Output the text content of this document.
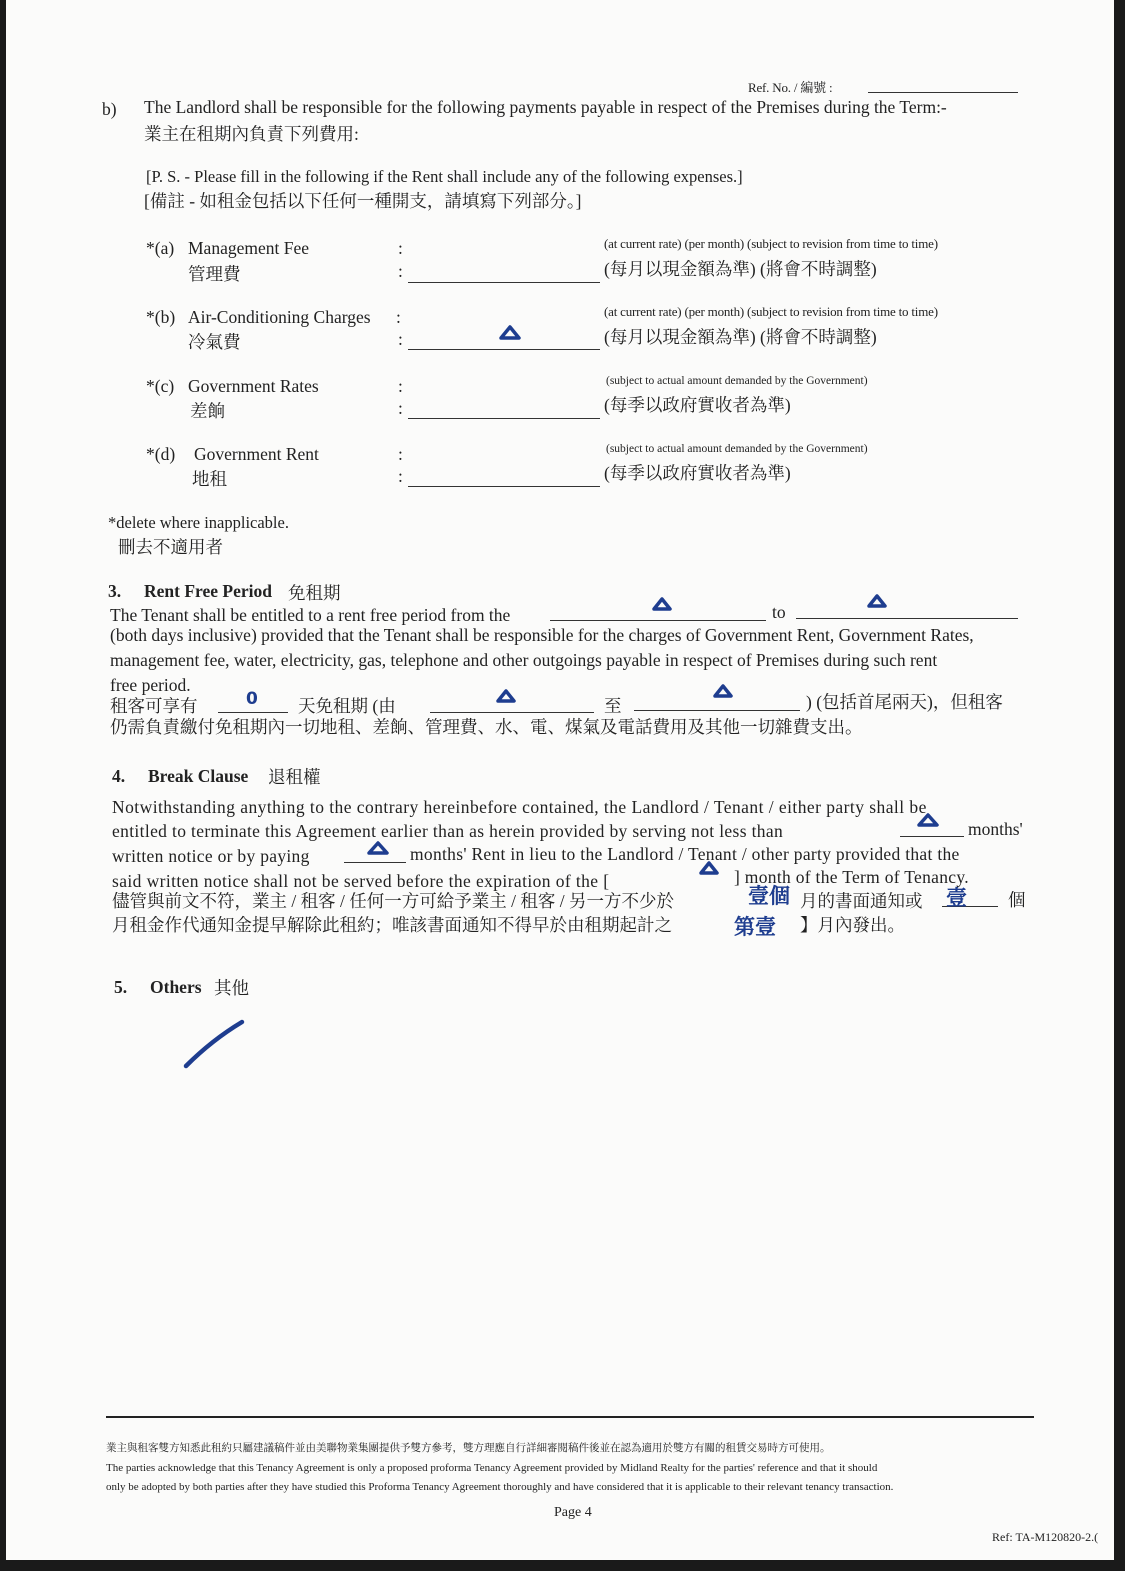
Ref. No. / 編號 :
b) The Landlord shall be responsible for the following payments payable in respect of the Premises during the Term:-
業主在租期內負責下列費用:
[P. S. - Please fill in the following if the Rent shall include any of the following expenses.]
[備註 - 如租金包括以下任何一種開支，請填寫下列部分。]
*(a) Management Fee
管理費
:
:
(at current rate) (per month) (subject to revision from time to time)
(每月以現金額為準) (將會不時調整)
*(b) Air-Conditioning Charges
冷氣費
:
:
(at current rate) (per month) (subject to revision from time to time)
(每月以現金額為準) (將會不時調整)
*(c) Government Rates
差餉
:
:
(subject to actual amount demanded by the Government)
(每季以政府實收者為準)
*(d) Government Rent
地租
:
:
(subject to actual amount demanded by the Government)
(每季以政府實收者為準)
*delete where inapplicable.
刪去不適用者
3. Rent Free Period 免租期
The Tenant shall be entitled to a rent free period from the	to
(both days inclusive) provided that the Tenant shall be responsible for the charges of Government Rent, Government Rates,
management fee, water, electricity, gas, telephone and other outgoings payable in respect of Premises during such rent
free period.
租客可享有	0 天免租期 (由	至	) (包括首尾兩天)，但租客
仍需負責繳付免租期內一切地租、差餉、管理費、水、電、煤氣及電話費用及其他一切雜費支出。
4. Break Clause 退租權
Notwithstanding anything to the contrary hereinbefore contained, the Landlord / Tenant / either party shall be
entitled to terminate this Agreement earlier than as herein provided by serving not less than	months'
written notice or by paying	months' Rent in lieu to the Landlord / Tenant / other party provided that the
said written notice shall not be served before the expiration of the [	] month of the Term of Tenancy.
儘管與前文不符，業主 / 租客 / 任何一方可給予業主 / 租客 / 另一方不少於	壹個 月的書面通知或 壹 個
月租金作代通知金提早解除此租約；唯該書面通知不得早於由租期起計之	第壹 】月內發出。
5. Others 其他
業主與租客雙方知悉此租約只屬建議稿件並由美聯物業集團提供予雙方參考，雙方理應自行詳細審閱稿件後並在認為適用於雙方有關的租賃交易時方可使用。
The parties acknowledge that this Tenancy Agreement is only a proposed proforma Tenancy Agreement provided by Midland Realty for the parties' reference and that it should
only be adopted by both parties after they have studied this Proforma Tenancy Agreement thoroughly and have considered that it is applicable to their relevant tenancy transaction.
Page 4
Ref: TA-M120820-2.(
